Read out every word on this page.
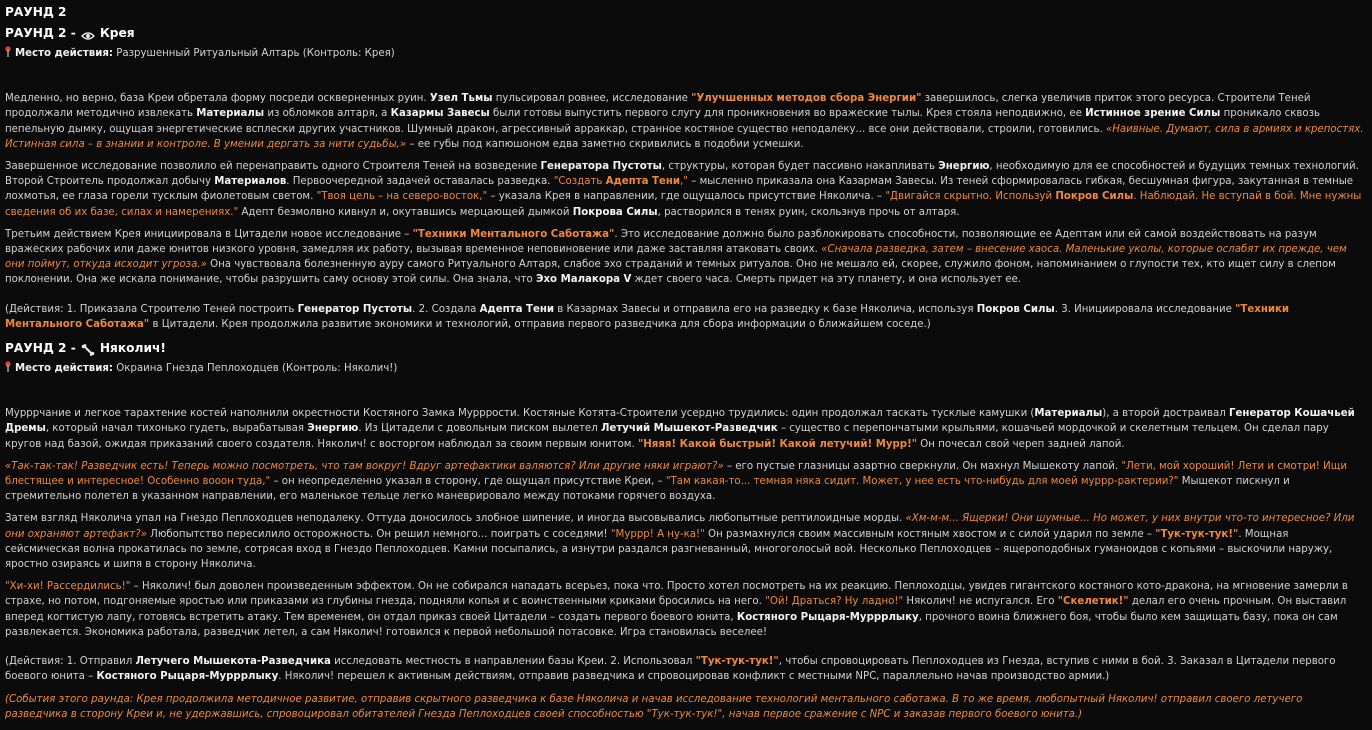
РАУНД 2
РАУНД 2 - Крея
Место действия: Разрушенный Ритуальный Алтарь (Контроль: Крея)

Медленно, но верно, база Креи обретала форму посреди оскверненных руин. Узел Тьмы пульсировал ровнее, исследование "Улучшенных методов сбора Энергии" завершилось, слегка увеличив приток этого ресурса. Строители Теней продолжали методично извлекать Материалы из обломков алтаря, а Казармы Завесы были готовы выпустить первого слугу для проникновения во вражеские тылы. Крея стояла неподвижно, ее Истинное зрение Силы проникало сквозь пепельную дымку, ощущая энергетические всплески других участников. Шумный дракон, агрессивный арраккар, странное костяное существо неподалеку... все они действовали, строили, готовились. «Наивные. Думают, сила в армиях и крепостях. Истинная сила – в знании и контроле. В умении дергать за нити судьбы,» – ее губы под капюшоном едва заметно скривились в подобии усмешки.

Завершенное исследование позволило ей перенаправить одного Строителя Теней на возведение Генератора Пустоты, структуры, которая будет пассивно накапливать Энергию, необходимую для ее способностей и будущих темных технологий. Второй Строитель продолжал добычу Материалов. Первоочередной задачей оставалась разведка. "Создать Адепта Тени," – мысленно приказала она Казармам Завесы. Из теней сформировалась гибкая, бесшумная фигура, закутанная в темные лохмотья, ее глаза горели тусклым фиолетовым светом. "Твоя цель – на северо-восток," – указала Крея в направлении, где ощущалось присутствие Няколича. – "Двигайся скрытно. Используй Покров Силы. Наблюдай. Не вступай в бой. Мне нужны сведения об их базе, силах и намерениях." Адепт безмолвно кивнул и, окутавшись мерцающей дымкой Покрова Силы, растворился в тенях руин, скользнув прочь от алтаря.

Третьим действием Крея инициировала в Цитадели новое исследование – "Техники Ментального Саботажа". Это исследование должно было разблокировать способности, позволяющие ее Адептам или ей самой воздействовать на разум вражеских рабочих или даже юнитов низкого уровня, замедляя их работу, вызывая временное неповиновение или даже заставляя атаковать своих. «Сначала разведка, затем – внесение хаоса. Маленькие уколы, которые ослабят их прежде, чем они поймут, откуда исходит угроза.» Она чувствовала болезненную ауру самого Ритуального Алтаря, слабое эхо страданий и темных ритуалов. Оно не мешало ей, скорее, служило фоном, напоминанием о глупости тех, кто ищет силу в слепом поклонении. Она же искала понимание, чтобы разрушить саму основу этой силы. Она знала, что Эхо Малакора V ждет своего часа. Смерть придет на эту планету, и она использует ее.

(Действия: 1. Приказала Строителю Теней построить Генератор Пустоты. 2. Создала Адепта Тени в Казармах Завесы и отправила его на разведку к базе Няколича, используя Покров Силы. 3. Инициировала исследование "Техники Ментального Саботажа" в Цитадели. Крея продолжила развитие экономики и технологий, отправив первого разведчика для сбора информации о ближайшем соседе.)

РАУНД 2 - Няколич!
Место действия: Окраина Гнезда Пеплоходцев (Контроль: Няколич!)

Мурррчание и легкое тарахтение костей наполнили окрестности Костяного Замка Мурррости. Костяные Котята-Строители усердно трудились: один продолжал таскать тусклые камушки (Материалы), а второй достраивал Генератор Кошачьей Дремы, который начал тихонько гудеть, вырабатывая Энергию. Из Цитадели с довольным писком вылетел Летучий Мышекот-Разведчик – существо с перепончатыми крыльями, кошачьей мордочкой и скелетным тельцем. Он сделал пару кругов над базой, ожидая приказаний своего создателя. Няколич! с восторгом наблюдал за своим первым юнитом. "Няяя! Какой быстрый! Какой летучий! Мурр!" Он почесал свой череп задней лапой.

«Так-так-так! Разведчик есть! Теперь можно посмотреть, что там вокруг! Вдруг артефактики валяются? Или другие няки играют?» – его пустые глазницы азартно сверкнули. Он махнул Мышекоту лапой. "Лети, мой хороший! Лети и смотри! Ищи блестящее и интересное! Особенно вооон туда," – он неопределенно указал в сторону, где ощущал присутствие Креи, – "Там какая-то... темная няка сидит. Может, у нее есть что-нибудь для моей муррр-рактерии?" Мышекот пискнул и стремительно полетел в указанном направлении, его маленькое тельце легко маневрировало между потоками горячего воздуха.

Затем взгляд Няколича упал на Гнездо Пеплоходцев неподалеку. Оттуда доносилось злобное шипение, и иногда высовывались любопытные рептилоидные морды. «Хм-м-м... Ящерки! Они шумные... Но может, у них внутри что-то интересное? Или они охраняют артефакт?» Любопытство пересилило осторожность. Он решил немного... поиграть с соседями! "Муррр! А ну-ка!" Он размахнулся своим массивным костяным хвостом и с силой ударил по земле – "Тук-тук-тук!". Мощная сейсмическая волна прокатилась по земле, сотрясая вход в Гнездо Пеплоходцев. Камни посыпались, а изнутри раздался разгневанный, многоголосый вой. Несколько Пеплоходцев – ящероподобных гуманоидов с копьями – выскочили наружу, яростно озираясь и шипя в сторону Няколича.

"Хи-хи! Рассердились!" – Няколич! был доволен произведенным эффектом. Он не собирался нападать всерьез, пока что. Просто хотел посмотреть на их реакцию. Пеплоходцы, увидев гигантского костяного кото-дракона, на мгновение замерли в страхе, но потом, подгоняемые яростью или приказами из глубины гнезда, подняли копья и с воинственными криками бросились на него. "Ой! Драться? Ну ладно!" Няколич! не испугался. Его "Скелетик!" делал его очень прочным. Он выставил вперед когтистую лапу, готовясь встретить атаку. Тем временем, он отдал приказ своей Цитадели – создать первого боевого юнита, Костяного Рыцаря-Мурррлыку, прочного воина ближнего боя, чтобы было кем защищать базу, пока он сам развлекается. Экономика работала, разведчик летел, а сам Няколич! готовился к первой небольшой потасовке. Игра становилась веселее!

(Действия: 1. Отправил Летучего Мышекота-Разведчика исследовать местность в направлении базы Креи. 2. Использовал "Тук-тук-тук!", чтобы спровоцировать Пеплоходцев из Гнезда, вступив с ними в бой. 3. Заказал в Цитадели первого боевого юнита – Костяного Рыцаря-Мурррлыку. Няколич! перешел к активным действиям, отправив разведчика и спровоцировав конфликт с местными NPC, параллельно начав производство армии.)

(События этого раунда: Крея продолжила методичное развитие, отправив скрытного разведчика к базе Няколича и начав исследование технологий ментального саботажа. В то же время, любопытный Няколич! отправил своего летучего разведчика в сторону Креи и, не удержавшись, спровоцировал обитателей Гнезда Пеплоходцев своей способностью "Тук-тук-тук!", начав первое сражение с NPC и заказав первого боевого юнита.)
